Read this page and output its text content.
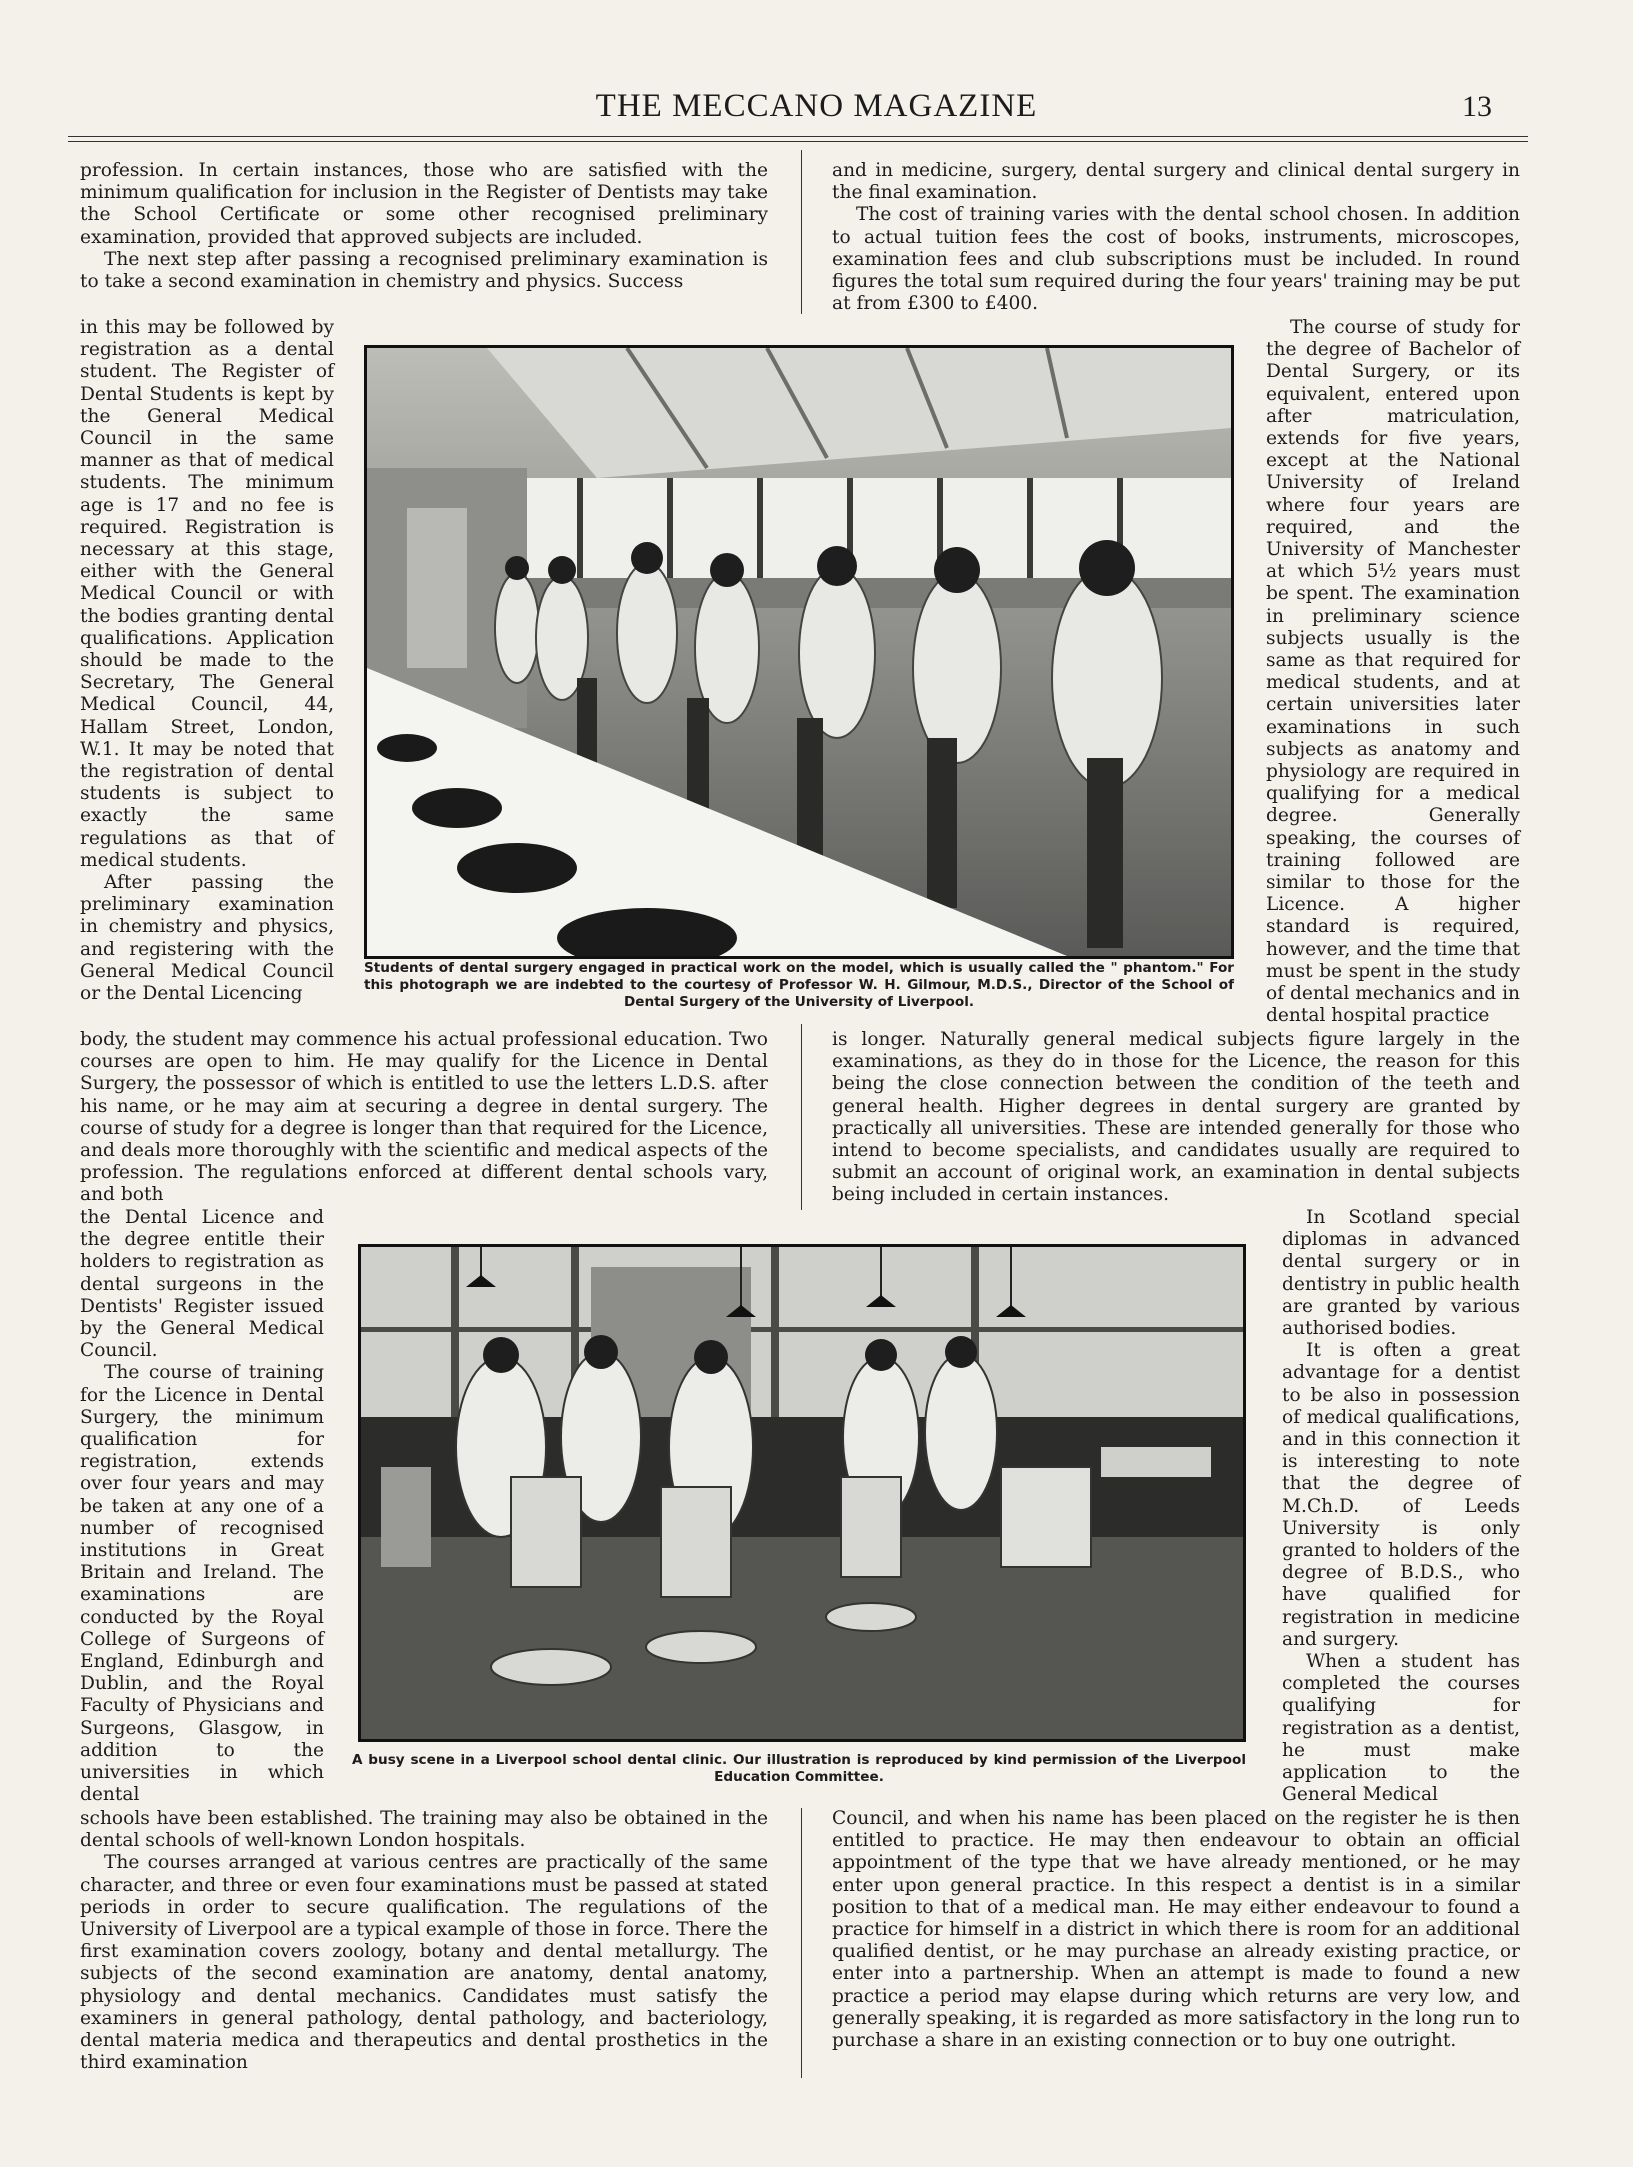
THE MECCANO MAGAZINE	13
profession. In certain instances, those who are satisfied with the minimum qualification for inclusion in the Register of Dentists may take the School Certificate or some other recognised preliminary examination, provided that approved subjects are included.
The next step after passing a recognised preliminary examination is to take a second examination in chemistry and physics. Success
in this may be followed by registration as a dental student. The Register of Dental Students is kept by the General Medical Council in the same manner as that of medical students. The minimum age is 17 and no fee is required. Registration is necessary at this stage, either with the General Medical Council or with the bodies granting dental qualifications. Application should be made to the Secretary, The General Medical Council, 44, Hallam Street, London, W.1. It may be noted that the registration of dental students is subject to exactly the same regulations as that of medical students.
After passing the preliminary examination in chemistry and physics, and registering with the General Medical Council or the Dental Licencing
body, the student may commence his actual professional education. Two courses are open to him. He may qualify for the Licence in Dental Surgery, the possessor of which is entitled to use the letters L.D.S. after his name, or he may aim at securing a degree in dental surgery. The course of study for a degree is longer than that required for the Licence, and deals more thoroughly with the scientific and medical aspects of the profession. The regulations enforced at different dental schools vary, and both
the Dental Licence and the degree entitle their holders to registration as dental surgeons in the Dentists' Register issued by the General Medical Council.
The course of training for the Licence in Dental Surgery, the minimum qualification for registration, extends over four years and may be taken at any one of a number of recognised institutions in Great Britain and Ireland. The examinations are conducted by the Royal College of Surgeons of England, Edinburgh and Dublin, and the Royal Faculty of Physicians and Surgeons, Glasgow, in addition to the universities in which dental
schools have been established. The training may also be obtained in the dental schools of well-known London hospitals.
The courses arranged at various centres are practically of the same character, and three or even four examinations must be passed at stated periods in order to secure qualification. The regulations of the University of Liverpool are a typical example of those in force. There the first examination covers zoology, botany and dental metallurgy. The subjects of the second examination are anatomy, dental anatomy, physiology and dental mechanics. Candidates must satisfy the examiners in general pathology, dental pathology, and bacteriology, dental materia medica and therapeutics and dental prosthetics in the third examination
and in medicine, surgery, dental surgery and clinical dental surgery in the final examination.
The cost of training varies with the dental school chosen. In addition to actual tuition fees the cost of books, instruments, microscopes, examination fees and club subscriptions must be included. In round figures the total sum required during the four years' training may be put at from £300 to £400.
The course of study for the degree of Bachelor of Dental Surgery, or its equivalent, entered upon after matriculation, extends for five years, except at the National University of Ireland where four years are required, and the University of Manchester at which 5½ years must be spent. The examination in preliminary science subjects usually is the same as that required for medical students, and at certain universities later examinations in such subjects as anatomy and physiology are required in qualifying for a medical degree. Generally speaking, the courses of training followed are similar to those for the Licence. A higher standard is required, however, and the time that must be spent in the study of dental mechanics and in dental hospital practice
is longer. Naturally general medical subjects figure largely in the examinations, as they do in those for the Licence, the reason for this being the close connection between the condition of the teeth and general health. Higher degrees in dental surgery are granted by practically all universities. These are intended generally for those who intend to become specialists, and candidates usually are required to submit an account of original work, an examination in dental subjects being included in certain instances.
In Scotland special diplomas in advanced dental surgery or in dentistry in public health are granted by various authorised bodies.
It is often a great advantage for a dentist to be also in possession of medical qualifications, and in this connection it is interesting to note that the degree of M.Ch.D. of Leeds University is only granted to holders of the degree of B.D.S., who have qualified for registration in medicine and surgery.
When a student has completed the courses qualifying for registration as a dentist, he must make application to the General Medical
Council, and when his name has been placed on the register he is then entitled to practice. He may then endeavour to obtain an official appointment of the type that we have already mentioned, or he may enter upon general practice. In this respect a dentist is in a similar position to that of a medical man. He may either endeavour to found a practice for himself in a district in which there is room for an additional qualified dentist, or he may purchase an already existing practice, or enter into a partnership. When an attempt is made to found a new practice a period may elapse during which returns are very low, and generally speaking, it is regarded as more satisfactory in the long run to purchase a share in an existing connection or to buy one outright.
Students of dental surgery engaged in practical work on the model, which is usually called the " phantom." For this photograph we are indebted to the courtesy of Professor W. H. Gilmour, M.D.S., Director of the School of Dental Surgery of the University of Liverpool.
A busy scene in a Liverpool school dental clinic. Our illustration is reproduced by kind permission of the Liverpool Education Committee.
